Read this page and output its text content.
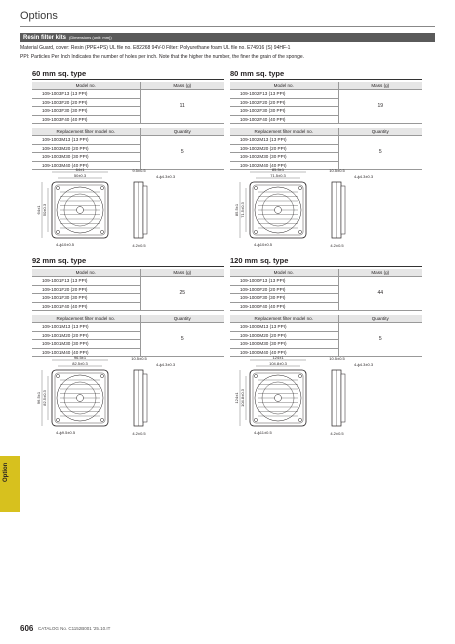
Options
Resin filter kits (Dimensions (unit: mm))
Material Guard, cover: Resin (PPE+PS) UL file no. E82268 94V-0 Filter: Polyurethane foam UL file no. E74916 (S) 94HF-1
PPI: Particles Per Inch Indicates the number of holes per inch. Note that the higher the number, the finer the grain of the sponge.
60 mm sq. type
Model no.	Mass (g)
109-1003F13 (13 PPI)	11
109-1003F20 (20 PPI)	
109-1003F30 (30 PPI)	
109-1003F40 (40 PPI)	

Replacement filter model no.	Quantity
109-1003M13 (13 PPI)	5
109-1003M20 (20 PPI)	
109-1003M30 (30 PPI)	
109-1003M40 (40 PPI)	
64±1
50±0.3
64±1 50±0.3
4-ϕ10±0.5
9.5±0.5
4.2±0.5
4-ϕ4.3±0.3
80 mm sq. type
Model no.	Mass (g)
109-1002F13 (13 PPI)	19
109-1002F20 (20 PPI)	
109-1002F30 (30 PPI)	
109-1002F40 (40 PPI)	

Replacement filter model no.	Quantity
109-1002M13 (13 PPI)	5
109-1002M20 (20 PPI)	
109-1002M30 (30 PPI)	
109-1002M40 (40 PPI)	
85.5±1
71.5±0.3
85.5±1 71.5±0.3
4-ϕ10±0.5
10.5±0.5
4.2±0.5
4-ϕ4.3±0.3
92 mm sq. type
Model no.	Mass (g)
109-1001F13 (13 PPI)	25
109-1001F20 (20 PPI)	
109-1001F30 (30 PPI)	
109-1001F40 (40 PPI)	

Replacement filter model no.	Quantity
109-1001M13 (13 PPI)	5
109-1001M20 (20 PPI)	
109-1001M30 (30 PPI)	
109-1001M40 (40 PPI)	
96.5±1
82.5±0.3
96.5±1 82.5±0.3
4-ϕ9.5±0.5
10.5±0.5
4.2±0.5
4-ϕ4.3±0.3
120 mm sq. type
Model no.	Mass (g)
109-1000F13 (13 PPI)	44
109-1000F20 (20 PPI)	
109-1000F30 (30 PPI)	
109-1000F40 (40 PPI)	

Replacement filter model no.	Quantity
109-1000M13 (13 PPI)	5
109-1000M20 (20 PPI)	
109-1000M30 (30 PPI)	
109-1000M40 (40 PPI)	
124±1
104.8±0.3
124±1 104.8±0.3
4-ϕ11±0.5
10.5±0.5
4.2±0.5
4-ϕ4.3±0.3
Option
606 CATALOG No. C1152B001 '25.10.IT
